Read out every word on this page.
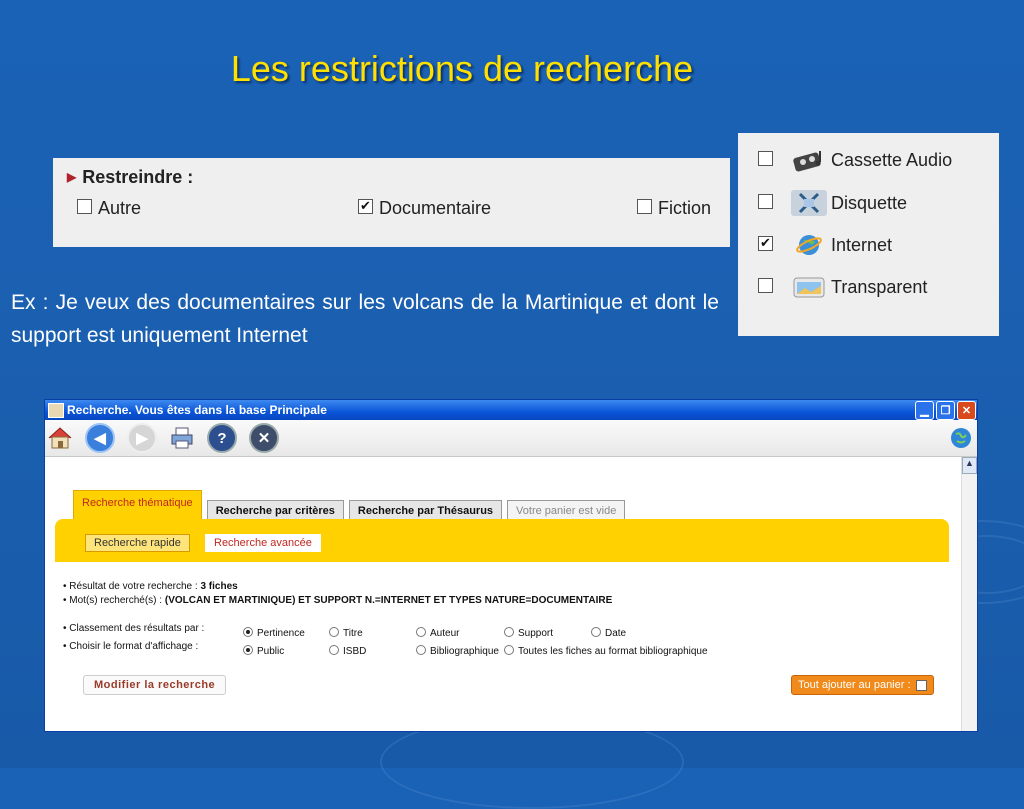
Les restrictions de recherche
▶ Restreindre :
Autre	✔ Documentaire	Fiction
Cassette Audio
Disquette
✔	Internet
Transparent
Ex : Je veux des documentaires sur les volcans de la Martinique et dont le support est uniquement Internet
Recherche. Vous êtes dans la base Principale	▁	❐	✕
◀	▶	?	✕
Recherche thématique
Recherche par critères	Recherche par Thésaurus	Votre panier est vide
Recherche rapide	Recherche avancée
• Résultat de votre recherche : 3 fiches
• Mot(s) recherché(s) : (VOLCAN ET MARTINIQUE) ET SUPPORT N.=INTERNET ET TYPES NATURE=DOCUMENTAIRE
• Classement des résultats par :	Pertinence	Titre	Auteur	Support	Date
• Choisir le format d'affichage :	Public	ISBD	Bibliographique	Toutes les fiches au format bibliographique
Modifier la recherche	Tout ajouter au panier :
▲
